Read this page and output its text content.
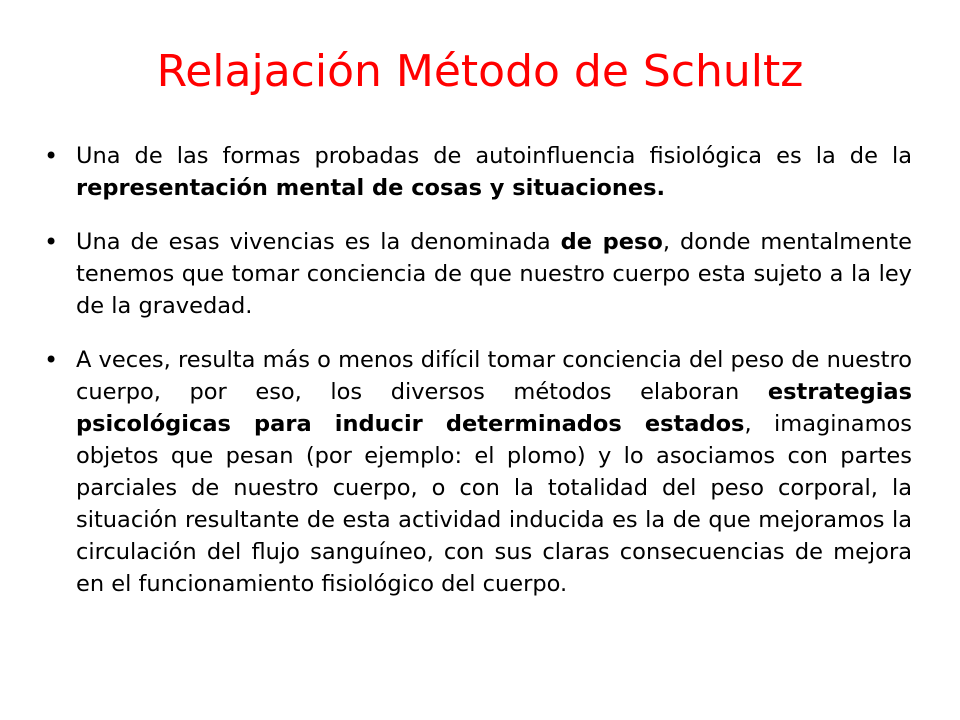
Relajación Método de Schultz
• Una de las formas probadas de autoinfluencia fisiológica es la de la representación mental de cosas y situaciones.
• Una de esas vivencias es la denominada de peso, donde mentalmente tenemos que tomar conciencia de que nuestro cuerpo esta sujeto a la ley de la gravedad.
• A veces, resulta más o menos difícil tomar conciencia del peso de nuestro cuerpo, por eso, los diversos métodos elaboran estrategias psicológicas para inducir determinados estados, imaginamos objetos que pesan (por ejemplo: el plomo) y lo asociamos con partes parciales de nuestro cuerpo, o con la totalidad del peso corporal, la situación resultante de esta actividad inducida es la de que mejoramos la circulación del flujo sanguíneo, con sus claras consecuencias de mejora en el funcionamiento fisiológico del cuerpo.
